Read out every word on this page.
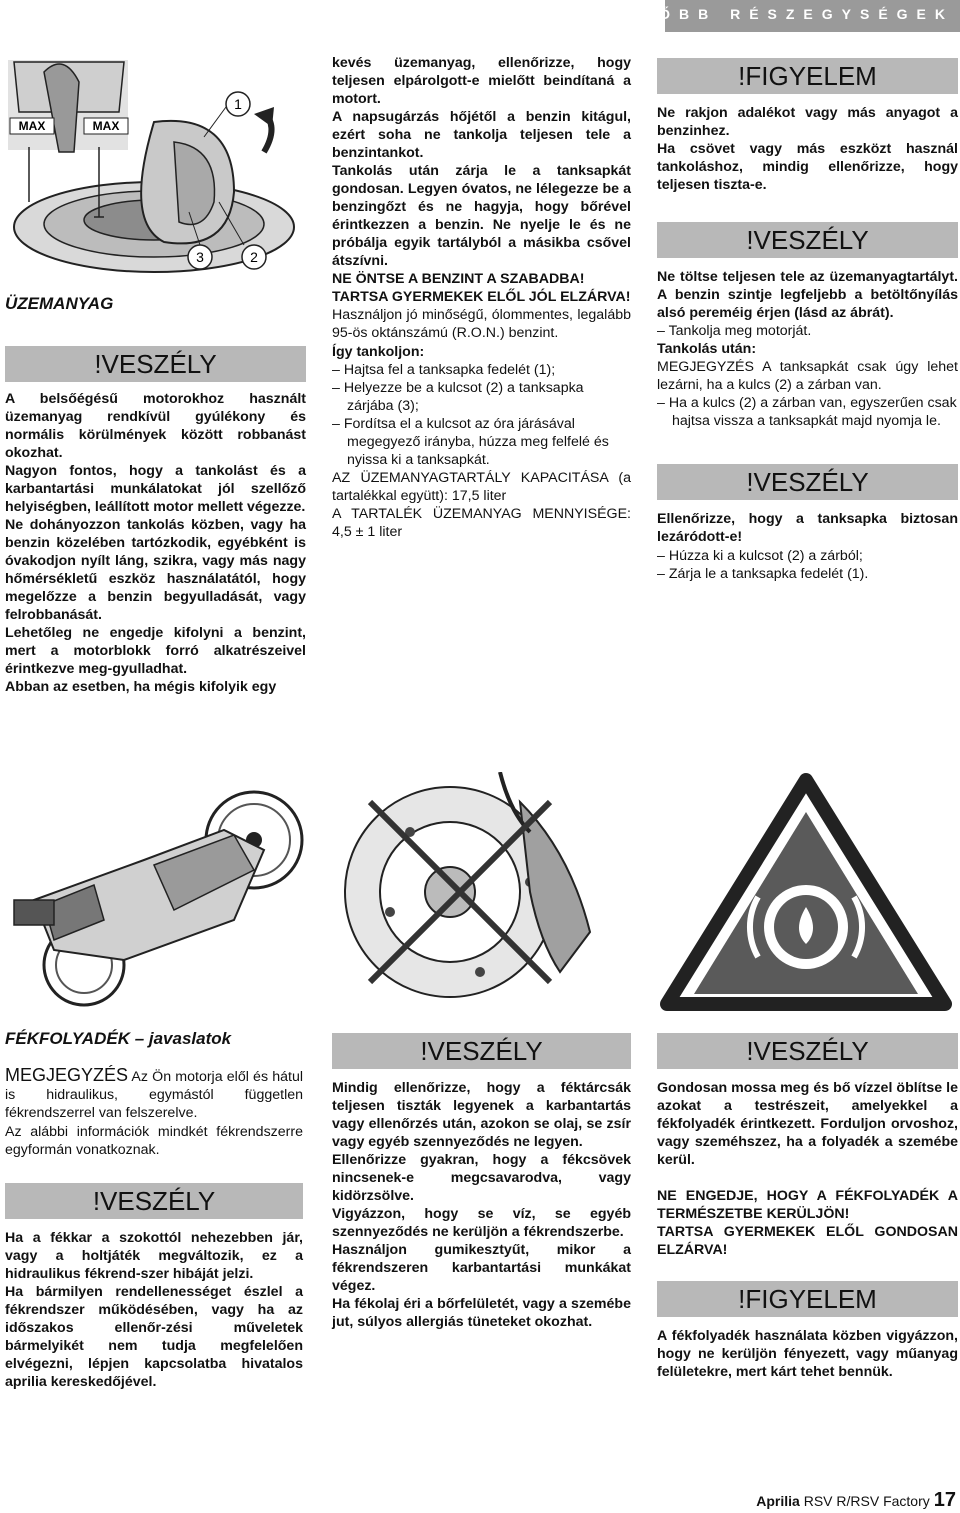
FŐBB RÉSZEGYSÉGEK
MAX	MAX
1
2
3

ÜZEMANYAG

!VESZÉLY

A belsőégésű motorokhoz használt üzemanyag rendkívül gyúlékony és normális körülmények között robbanást okozhat.

Nagyon fontos, hogy a tankolást és a karbantartási munkálatokat jól szellőző helyiségben, leállított motor mellett végezze.

Ne dohányozzon tankolás közben, vagy ha benzin közelében tartózkodik, egyébként is óvakodjon nyílt láng, szikra, vagy más nagy hőmérsékletű eszköz használatától, hogy megelőzze a benzin begyulladását, vagy felrobbanását.

Lehetőleg ne engedje kifolyni a benzint, mert a motorblokk forró alkatrészeivel érintkezve meg-gyulladhat.

Abban az esetben, ha mégis kifolyik egy

kevés üzemanyag, ellenőrizze, hogy teljesen elpárolgott-e mielőtt beindítaná a motort.

A napsugárzás hőjétől a benzin kitágul, ezért soha ne tankolja teljesen tele a benzintankot.

Tankolás után zárja le a tanksapkát gondosan. Legyen óvatos, ne lélegezze be a benzingőzt és ne hagyja, hogy bőrével érintkezzen a benzin. Ne nyelje le és ne próbálja egyik tartályból a másikba csővel átszívni.

NE ÖNTSE A BENZINT A SZABADBA!

TARTSA GYERMEKEK ELŐL JÓL ELZÁRVA!

Használjon jó minőségű, ólommentes, legalább 95-ös oktánszámú (R.O.N.) benzint.

Így tankoljon:

– Hajtsa fel a tanksapka fedelét (1);

– Helyezze be a kulcsot (2) a tanksapka zárjába (3);

– Fordítsa el a kulcsot az óra járásával megegyező irányba, húzza meg felfelé és nyissa ki a tanksapkát.

AZ ÜZEMANYAGTARTÁLY KAPACITÁSA (a tartalékkal együtt): 17,5 liter

A TARTALÉK ÜZEMANYAG MENNYISÉGE: 4,5 ± 1 liter

!FIGYELEM

Ne rakjon adalékot vagy más anyagot a benzinhez.

Ha csövet vagy más eszközt használ tankoláshoz, mindig ellenőrizze, hogy teljesen tiszta-e.

!VESZÉLY

Ne töltse teljesen tele az üzemanyagtartályt. A benzin szintje legfeljebb a betöltőnyílás alsó pereméig érjen (lásd az ábrát).

– Tankolja meg motorját.

Tankolás után:

MEGJEGYZÉS A tanksapkát csak úgy lehet lezárni, ha a kulcs (2) a zárban van.

– Ha a kulcs (2) a zárban van, egyszerűen csak hajtsa vissza a tanksapkát majd nyomja le.

!VESZÉLY

Ellenőrizze, hogy a tanksapka biztosan lezáródott-e!

– Húzza ki a kulcsot (2) a zárból;

– Zárja le a tanksapka fedelét (1).

FÉKFOLYADÉK – javaslatok

MEGJEGYZÉS Az Ön motorja elől és hátul is hidraulikus, egymástól független fékrendszerrel van felszerelve.

Az alábbi információk mindkét fékrendszerre egyformán vonatkoznak.

!VESZÉLY

Ha a fékkar a szokottól nehezebben jár, vagy a holtjáték megváltozik, ez a hidraulikus fékrend-szer hibáját jelzi.

Ha bármilyen rendellenességet észlel a fékrendszer működésében, vagy ha az időszakos ellenőr-zési műveletek bármelyikét nem tudja megfelelően elvégezni, lépjen kapcsolatba hivatalos aprilia kereskedőjével.

!VESZÉLY

Mindig ellenőrizze, hogy a féktárcsák teljesen tiszták legyenek a karbantartás vagy ellenőrzés után, azokon se olaj, se zsír vagy egyéb szennyeződés ne legyen.

Ellenőrizze gyakran, hogy a fékcsövek nincsenek-e megcsavarodva, vagy kidörzsölve.

Vigyázzon, hogy se víz, se egyéb szennyeződés ne kerüljön a fékrendszerbe.

Használjon gumikesztyűt, mikor a fékrendszeren karbantartási munkákat végez.

Ha fékolaj éri a bőrfelületét, vagy a szemébe jut, súlyos allergiás tüneteket okozhat.

!VESZÉLY

Gondosan mossa meg és bő vízzel öblítse le azokat a testrészeit, amelyekkel a fékfolyadék érintkezett. Forduljon orvoshoz, vagy szeméhszez, ha a folyadék a szemébe kerül.

NE ENGEDJE, HOGY A FÉKFOLYADÉK A TERMÉSZETBE KERÜLJÖN!

TARTSA GYERMEKEK ELŐL GONDOSAN ELZÁRVA!

!FIGYELEM

A fékfolyadék használata közben vigyázzon, hogy ne kerüljön fényezett, vagy műanyag felületekre, mert kárt tehet bennük.

Aprilia RSV R/RSV Factory 17
